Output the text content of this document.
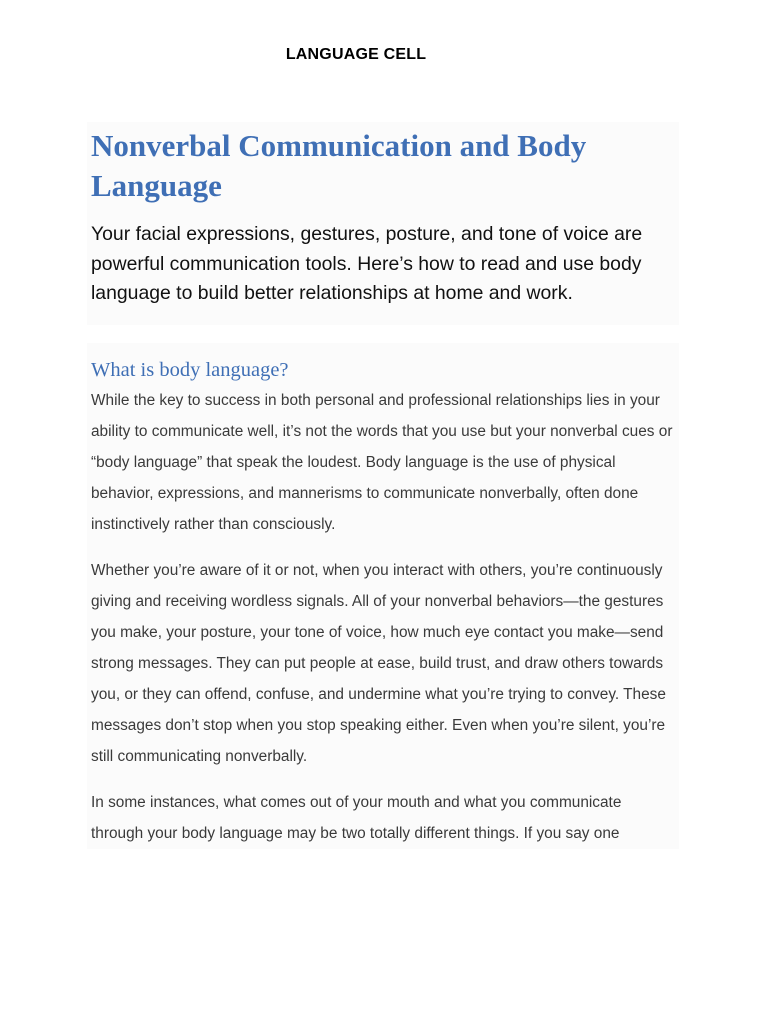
LANGUAGE CELL
Nonverbal Communication and Body Language

Your facial expressions, gestures, posture, and tone of voice are powerful communication tools. Here’s how to read and use body language to build better relationships at home and work.

What is body language?

While the key to success in both personal and professional relationships lies in your ability to communicate well, it’s not the words that you use but your nonverbal cues or “body language” that speak the loudest. Body language is the use of physical behavior, expressions, and mannerisms to communicate nonverbally, often done instinctively rather than consciously.

Whether you’re aware of it or not, when you interact with others, you’re continuously giving and receiving wordless signals. All of your nonverbal behaviors—the gestures you make, your posture, your tone of voice, how much eye contact you make—send strong messages. They can put people at ease, build trust, and draw others towards you, or they can offend, confuse, and undermine what you’re trying to convey. These messages don’t stop when you stop speaking either. Even when you’re silent, you’re still communicating nonverbally.

In some instances, what comes out of your mouth and what you communicate through your body language may be two totally different things. If you say one
